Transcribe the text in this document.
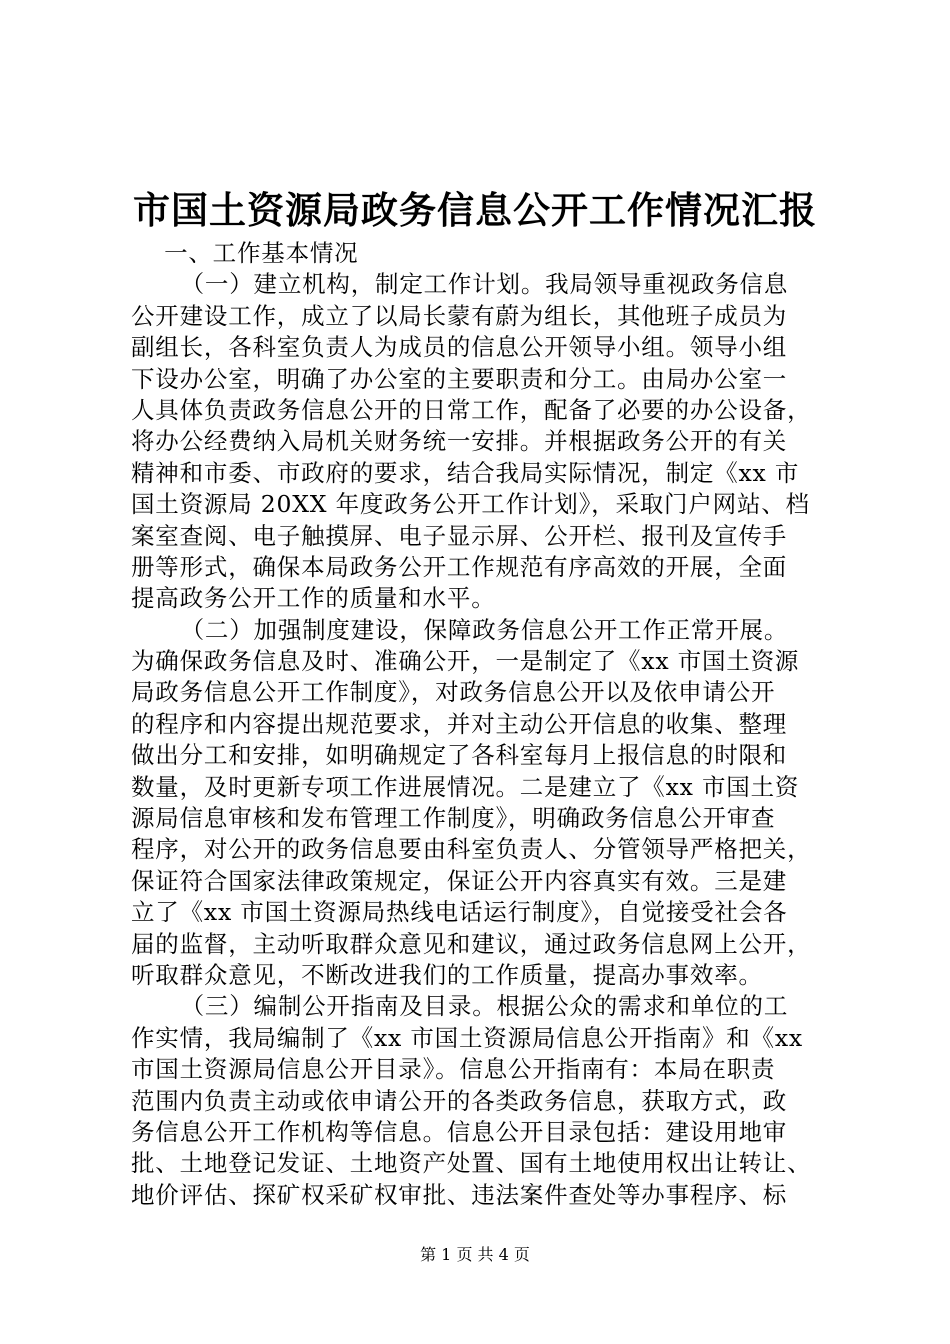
市国土资源局政务信息公开工作情况汇报
一、工作基本情况
（一）建立机构，制定工作计划。我局领导重视政务信息
公开建设工作，成立了以局长蒙有蔚为组长，其他班子成员为
副组长，各科室负责人为成员的信息公开领导小组。领导小组
下设办公室，明确了办公室的主要职责和分工。由局办公室一
人具体负责政务信息公开的日常工作，配备了必要的办公设备，
将办公经费纳入局机关财务统一安排。并根据政务公开的有关
精神和市委、市政府的要求，结合我局实际情况，制定《xx 市
国土资源局 20XX 年度政务公开工作计划》，采取门户网站、档
案室查阅、电子触摸屏、电子显示屏、公开栏、报刊及宣传手
册等形式，确保本局政务公开工作规范有序高效的开展，全面
提高政务公开工作的质量和水平。
（二）加强制度建设，保障政务信息公开工作正常开展。
为确保政务信息及时、准确公开，一是制定了《xx 市国土资源
局政务信息公开工作制度》，对政务信息公开以及依申请公开
的程序和内容提出规范要求，并对主动公开信息的收集、整理
做出分工和安排，如明确规定了各科室每月上报信息的时限和
数量，及时更新专项工作进展情况。二是建立了《xx 市国土资
源局信息审核和发布管理工作制度》，明确政务信息公开审查
程序，对公开的政务信息要由科室负责人、分管领导严格把关，
保证符合国家法律政策规定，保证公开内容真实有效。三是建
立了《xx 市国土资源局热线电话运行制度》，自觉接受社会各
届的监督，主动听取群众意见和建议，通过政务信息网上公开，
听取群众意见，不断改进我们的工作质量，提高办事效率。
（三）编制公开指南及目录。根据公众的需求和单位的工
作实情，我局编制了《xx 市国土资源局信息公开指南》和《xx
市国土资源局信息公开目录》。信息公开指南有：本局在职责
范围内负责主动或依申请公开的各类政务信息，获取方式，政
务信息公开工作机构等信息。信息公开目录包括：建设用地审
批、土地登记发证、土地资产处置、国有土地使用权出让转让、
地价评估、探矿权采矿权审批、违法案件查处等办事程序、标
第 1 页 共 4 页
